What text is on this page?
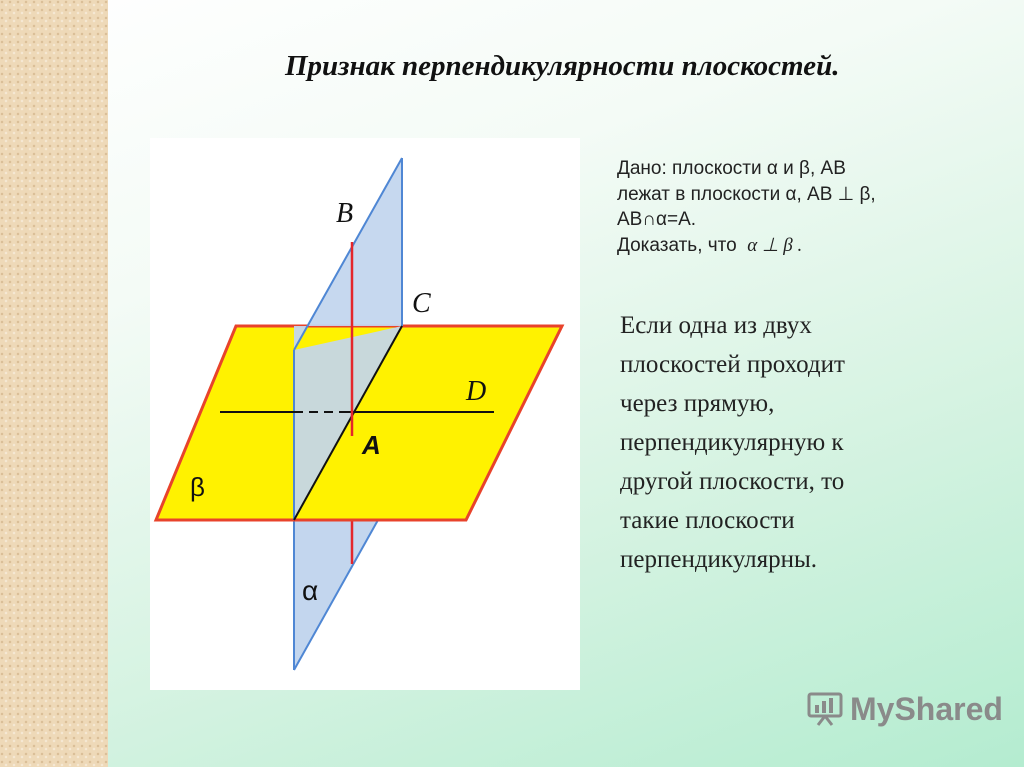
Признак перпендикулярности плоскостей.
B
C
D
A
β
α
Дано: плоскости α и β, АВ
лежат в плоскости α, АВ ⊥ β,
АВ∩α=А.
Доказать, что α ⊥ β .
Если одна из двух
плоскостей проходит
через прямую,
перпендикулярную к
другой плоскости, то
такие плоскости
перпендикулярны.
MyShared
